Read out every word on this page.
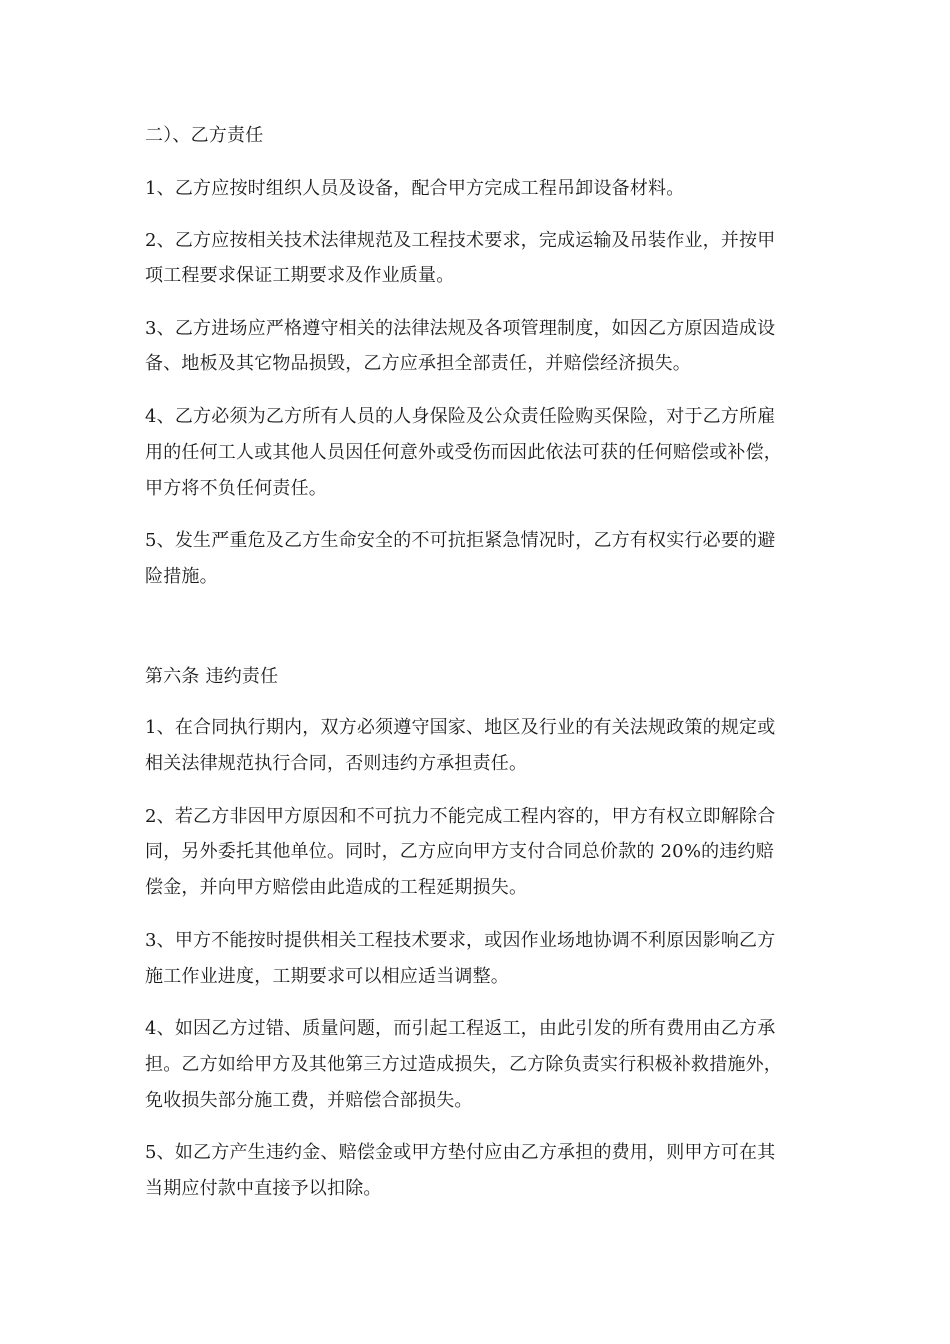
二）、乙方责任
1、乙方应按时组织人员及设备，配合甲方完成工程吊卸设备材料。
2、乙方应按相关技术法律规范及工程技术要求，完成运输及吊装作业，并按甲
项工程要求保证工期要求及作业质量。
3、乙方进场应严格遵守相关的法律法规及各项管理制度，如因乙方原因造成设
备、地板及其它物品损毁，乙方应承担全部责任，并赔偿经济损失。
4、乙方必须为乙方所有人员的人身保险及公众责任险购买保险，对于乙方所雇
用的任何工人或其他人员因任何意外或受伤而因此依法可获的任何赔偿或补偿，
甲方将不负任何责任。
5、发生严重危及乙方生命安全的不可抗拒紧急情况时，乙方有权实行必要的避
险措施。
第六条 违约责任
1、在合同执行期内，双方必须遵守国家、地区及行业的有关法规政策的规定或
相关法律规范执行合同，否则违约方承担责任。
2、若乙方非因甲方原因和不可抗力不能完成工程内容的，甲方有权立即解除合
同，另外委托其他单位。同时，乙方应向甲方支付合同总价款的 20%的违约赔
偿金，并向甲方赔偿由此造成的工程延期损失。
3、甲方不能按时提供相关工程技术要求，或因作业场地协调不利原因影响乙方
施工作业进度，工期要求可以相应适当调整。
4、如因乙方过错、质量问题，而引起工程返工，由此引发的所有费用由乙方承
担。乙方如给甲方及其他第三方过造成损失，乙方除负责实行积极补救措施外，
免收损失部分施工费，并赔偿合部损失。
5、如乙方产生违约金、赔偿金或甲方垫付应由乙方承担的费用，则甲方可在其
当期应付款中直接予以扣除。
